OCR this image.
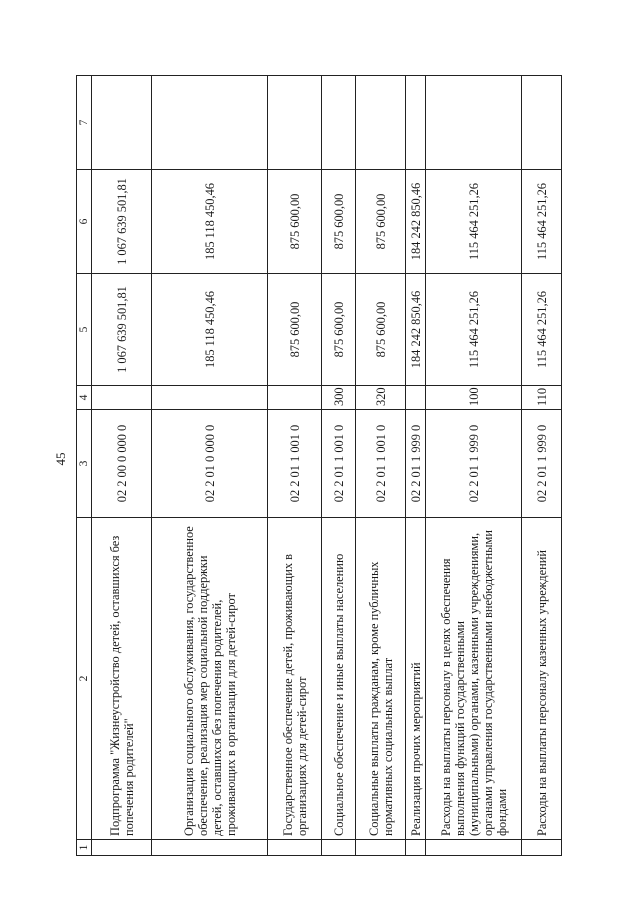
45
1	2	3	4	5	6	7
	Подпрограмма "Жизнеустройство детей, оставшихся без попечения родителей"	02 2 00 0 000 0		1 067 639 501,81	1 067 639 501,81	
	Организация социального обслуживания, государственное обеспечение, реализация мер социальной поддержки детей, оставшихся без попечения родителей, проживающих в организации для детей-сирот	02 2 01 0 000 0		185 118 450,46	185 118 450,46	
	Государственное обеспечение детей, проживающих в организациях для детей-сирот	02 2 01 1 001 0		875 600,00	875 600,00	
	Социальное обеспечение и иные выплаты населению	02 2 01 1 001 0	300	875 600,00	875 600,00	
	Социальные выплаты гражданам, кроме публичных нормативных социальных выплат	02 2 01 1 001 0	320	875 600,00	875 600,00	
	Реализация прочих мероприятий	02 2 01 1 999 0		184 242 850,46	184 242 850,46	
	Расходы на выплаты персоналу в целях обеспечения выполнения функций государственными (муниципальными) органами, казенными учреждениями, органами управления государственными внебюджетными фондами	02 2 01 1 999 0	100	115 464 251,26	115 464 251,26	
	Расходы на выплаты персоналу казенных учреждений	02 2 01 1 999 0	110	115 464 251,26	115 464 251,26	
